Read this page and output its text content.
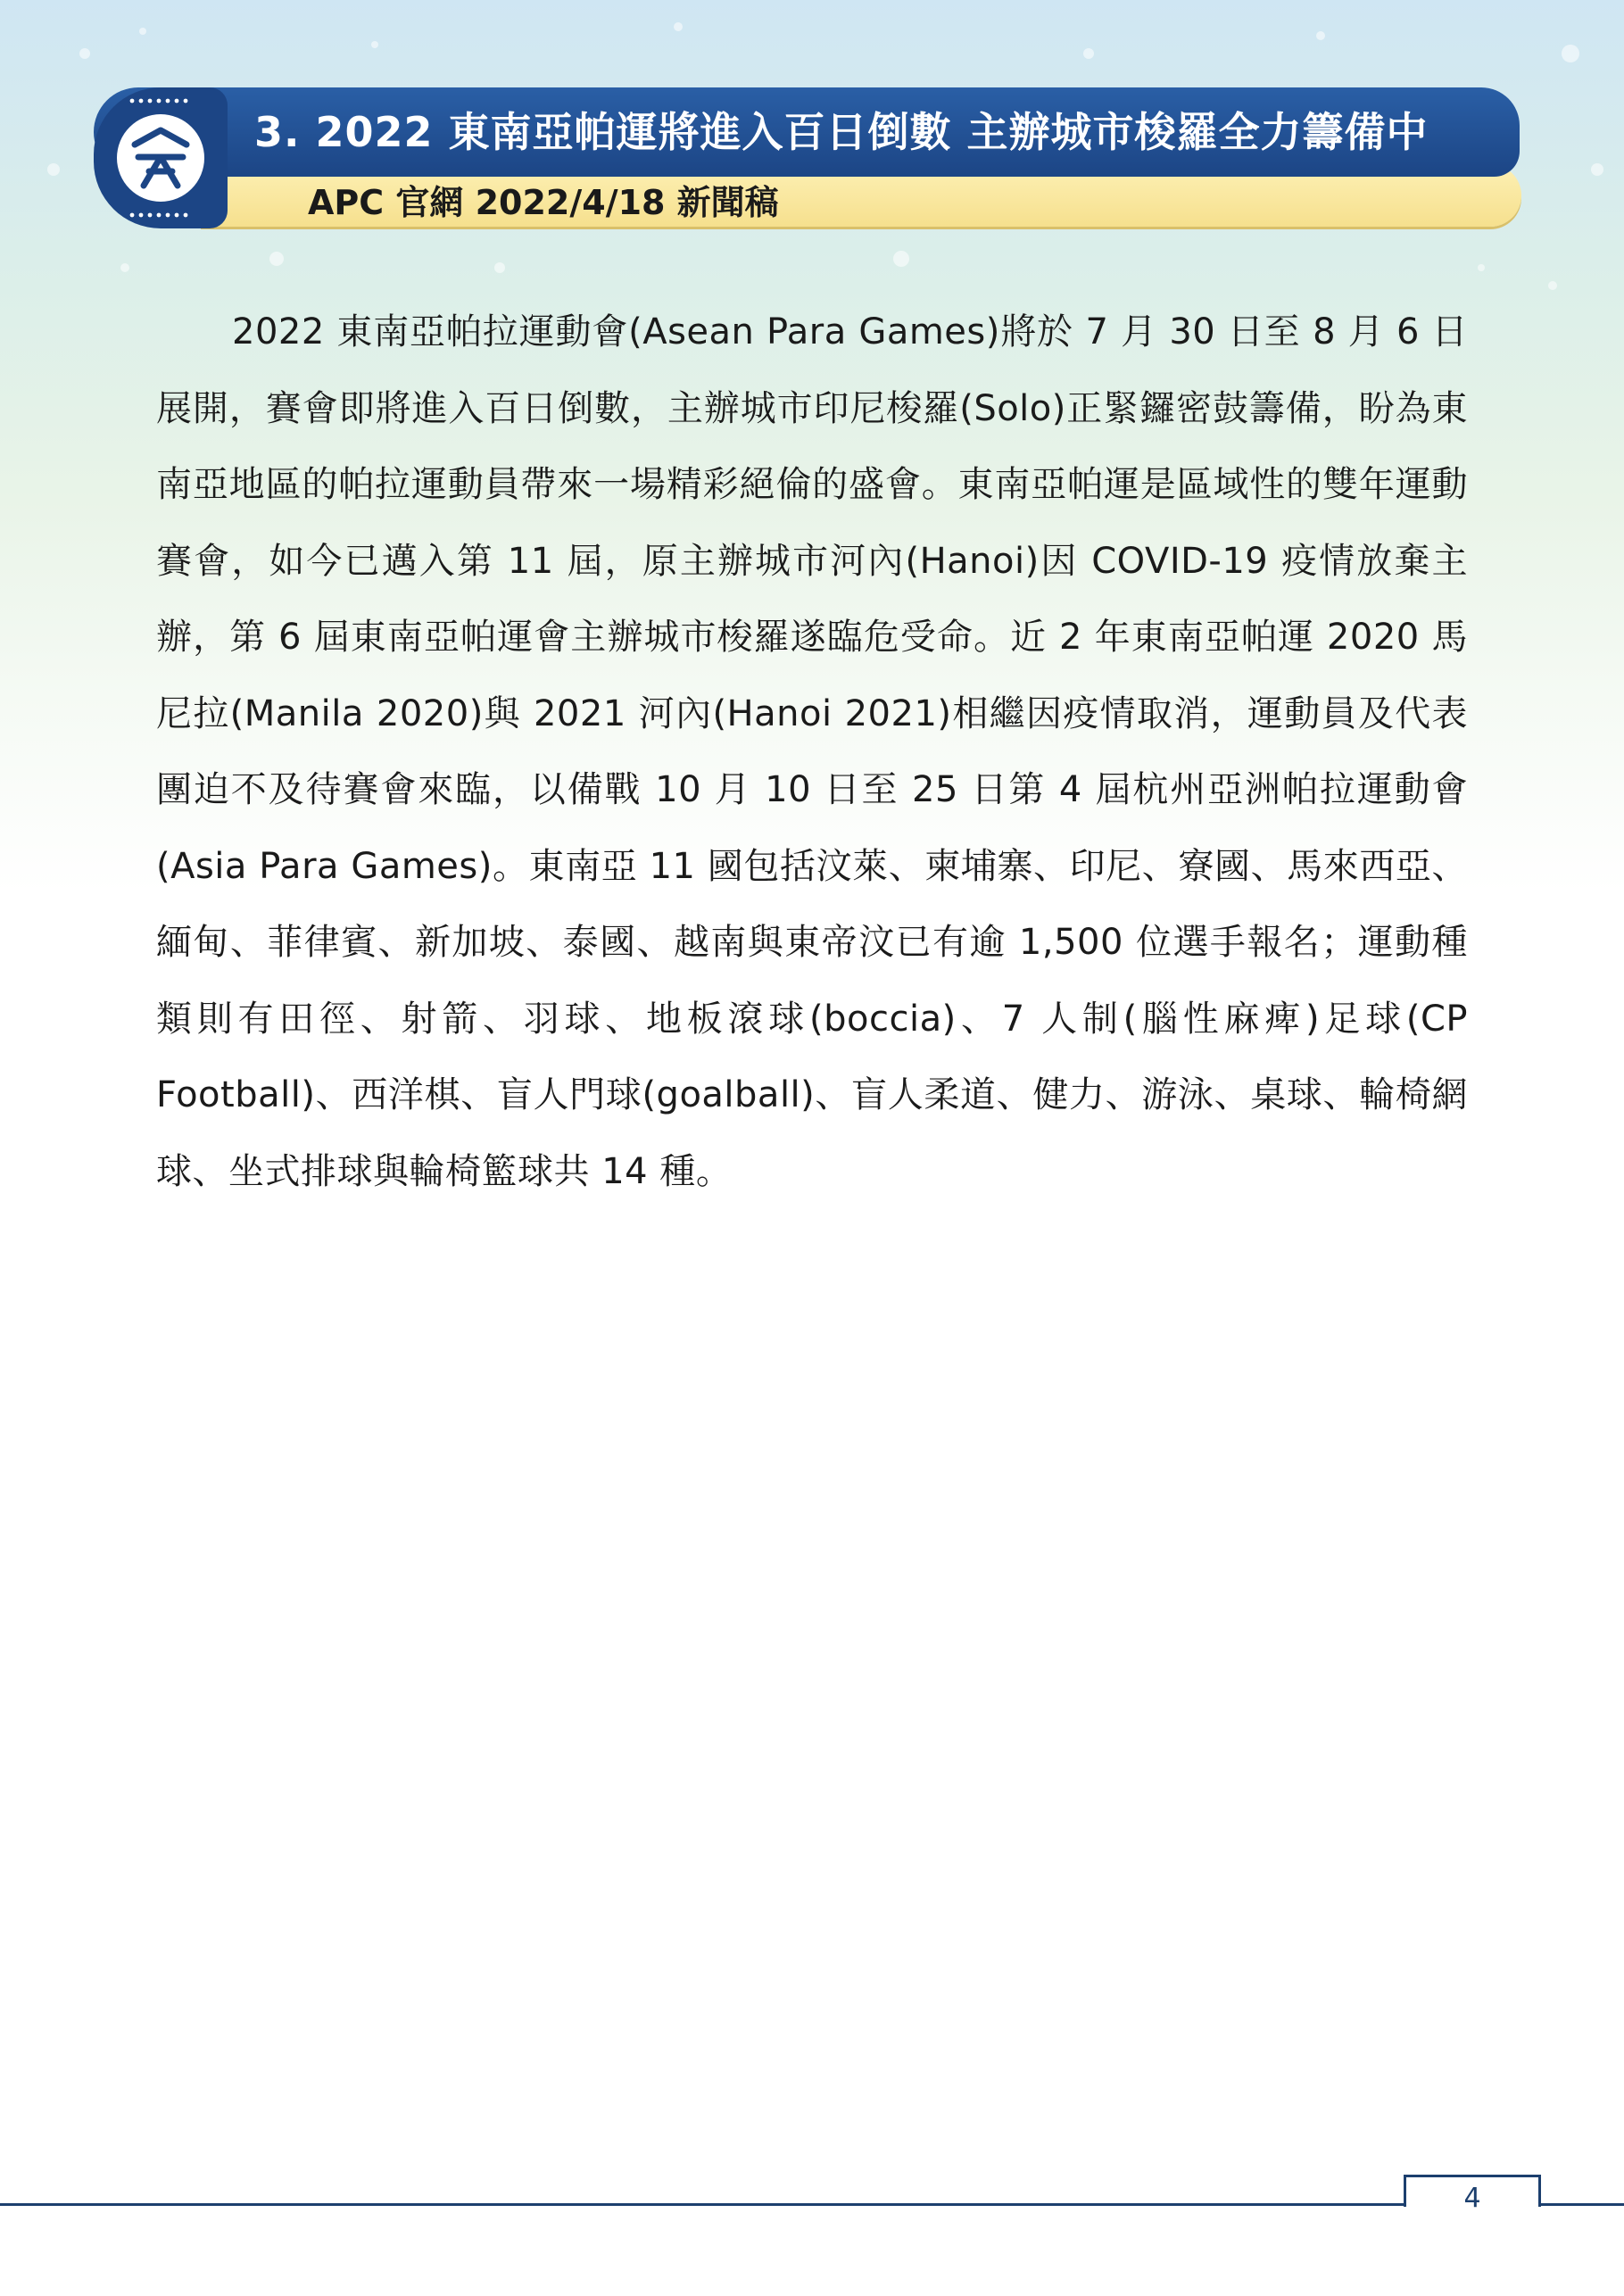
3. 2022 東南亞帕運將進入百日倒數 主辦城市梭羅全力籌備中
APC 官網 2022/4/18 新聞稿

2022 東南亞帕拉運動會(Asean Para Games)將於 7 月 30 日至 8 月 6 日展開，賽會即將進入百日倒數，主辦城市印尼梭羅(Solo)正緊鑼密鼓籌備，盼為東南亞地區的帕拉運動員帶來一場精彩絕倫的盛會。東南亞帕運是區域性的雙年運動賽會，如今已邁入第 11 屆，原主辦城市河內(Hanoi)因 COVID-19 疫情放棄主辦，第 6 屆東南亞帕運會主辦城市梭羅遂臨危受命。近 2 年東南亞帕運 2020 馬尼拉(Manila 2020)與 2021 河內(Hanoi 2021)相繼因疫情取消，運動員及代表團迫不及待賽會來臨，以備戰 10 月 10 日至 25 日第 4 屆杭州亞洲帕拉運動會(Asia Para Games)。東南亞 11 國包括汶萊、柬埔寨、印尼、寮國、馬來西亞、緬甸、菲律賓、新加坡、泰國、越南與東帝汶已有逾 1,500 位選手報名；運動種類則有田徑、射箭、羽球、地板滾球(boccia)、7 人制(腦性麻痺)足球(CP Football)、西洋棋、盲人門球(goalball)、盲人柔道、健力、游泳、桌球、輪椅網球、坐式排球與輪椅籃球共 14 種。

4
